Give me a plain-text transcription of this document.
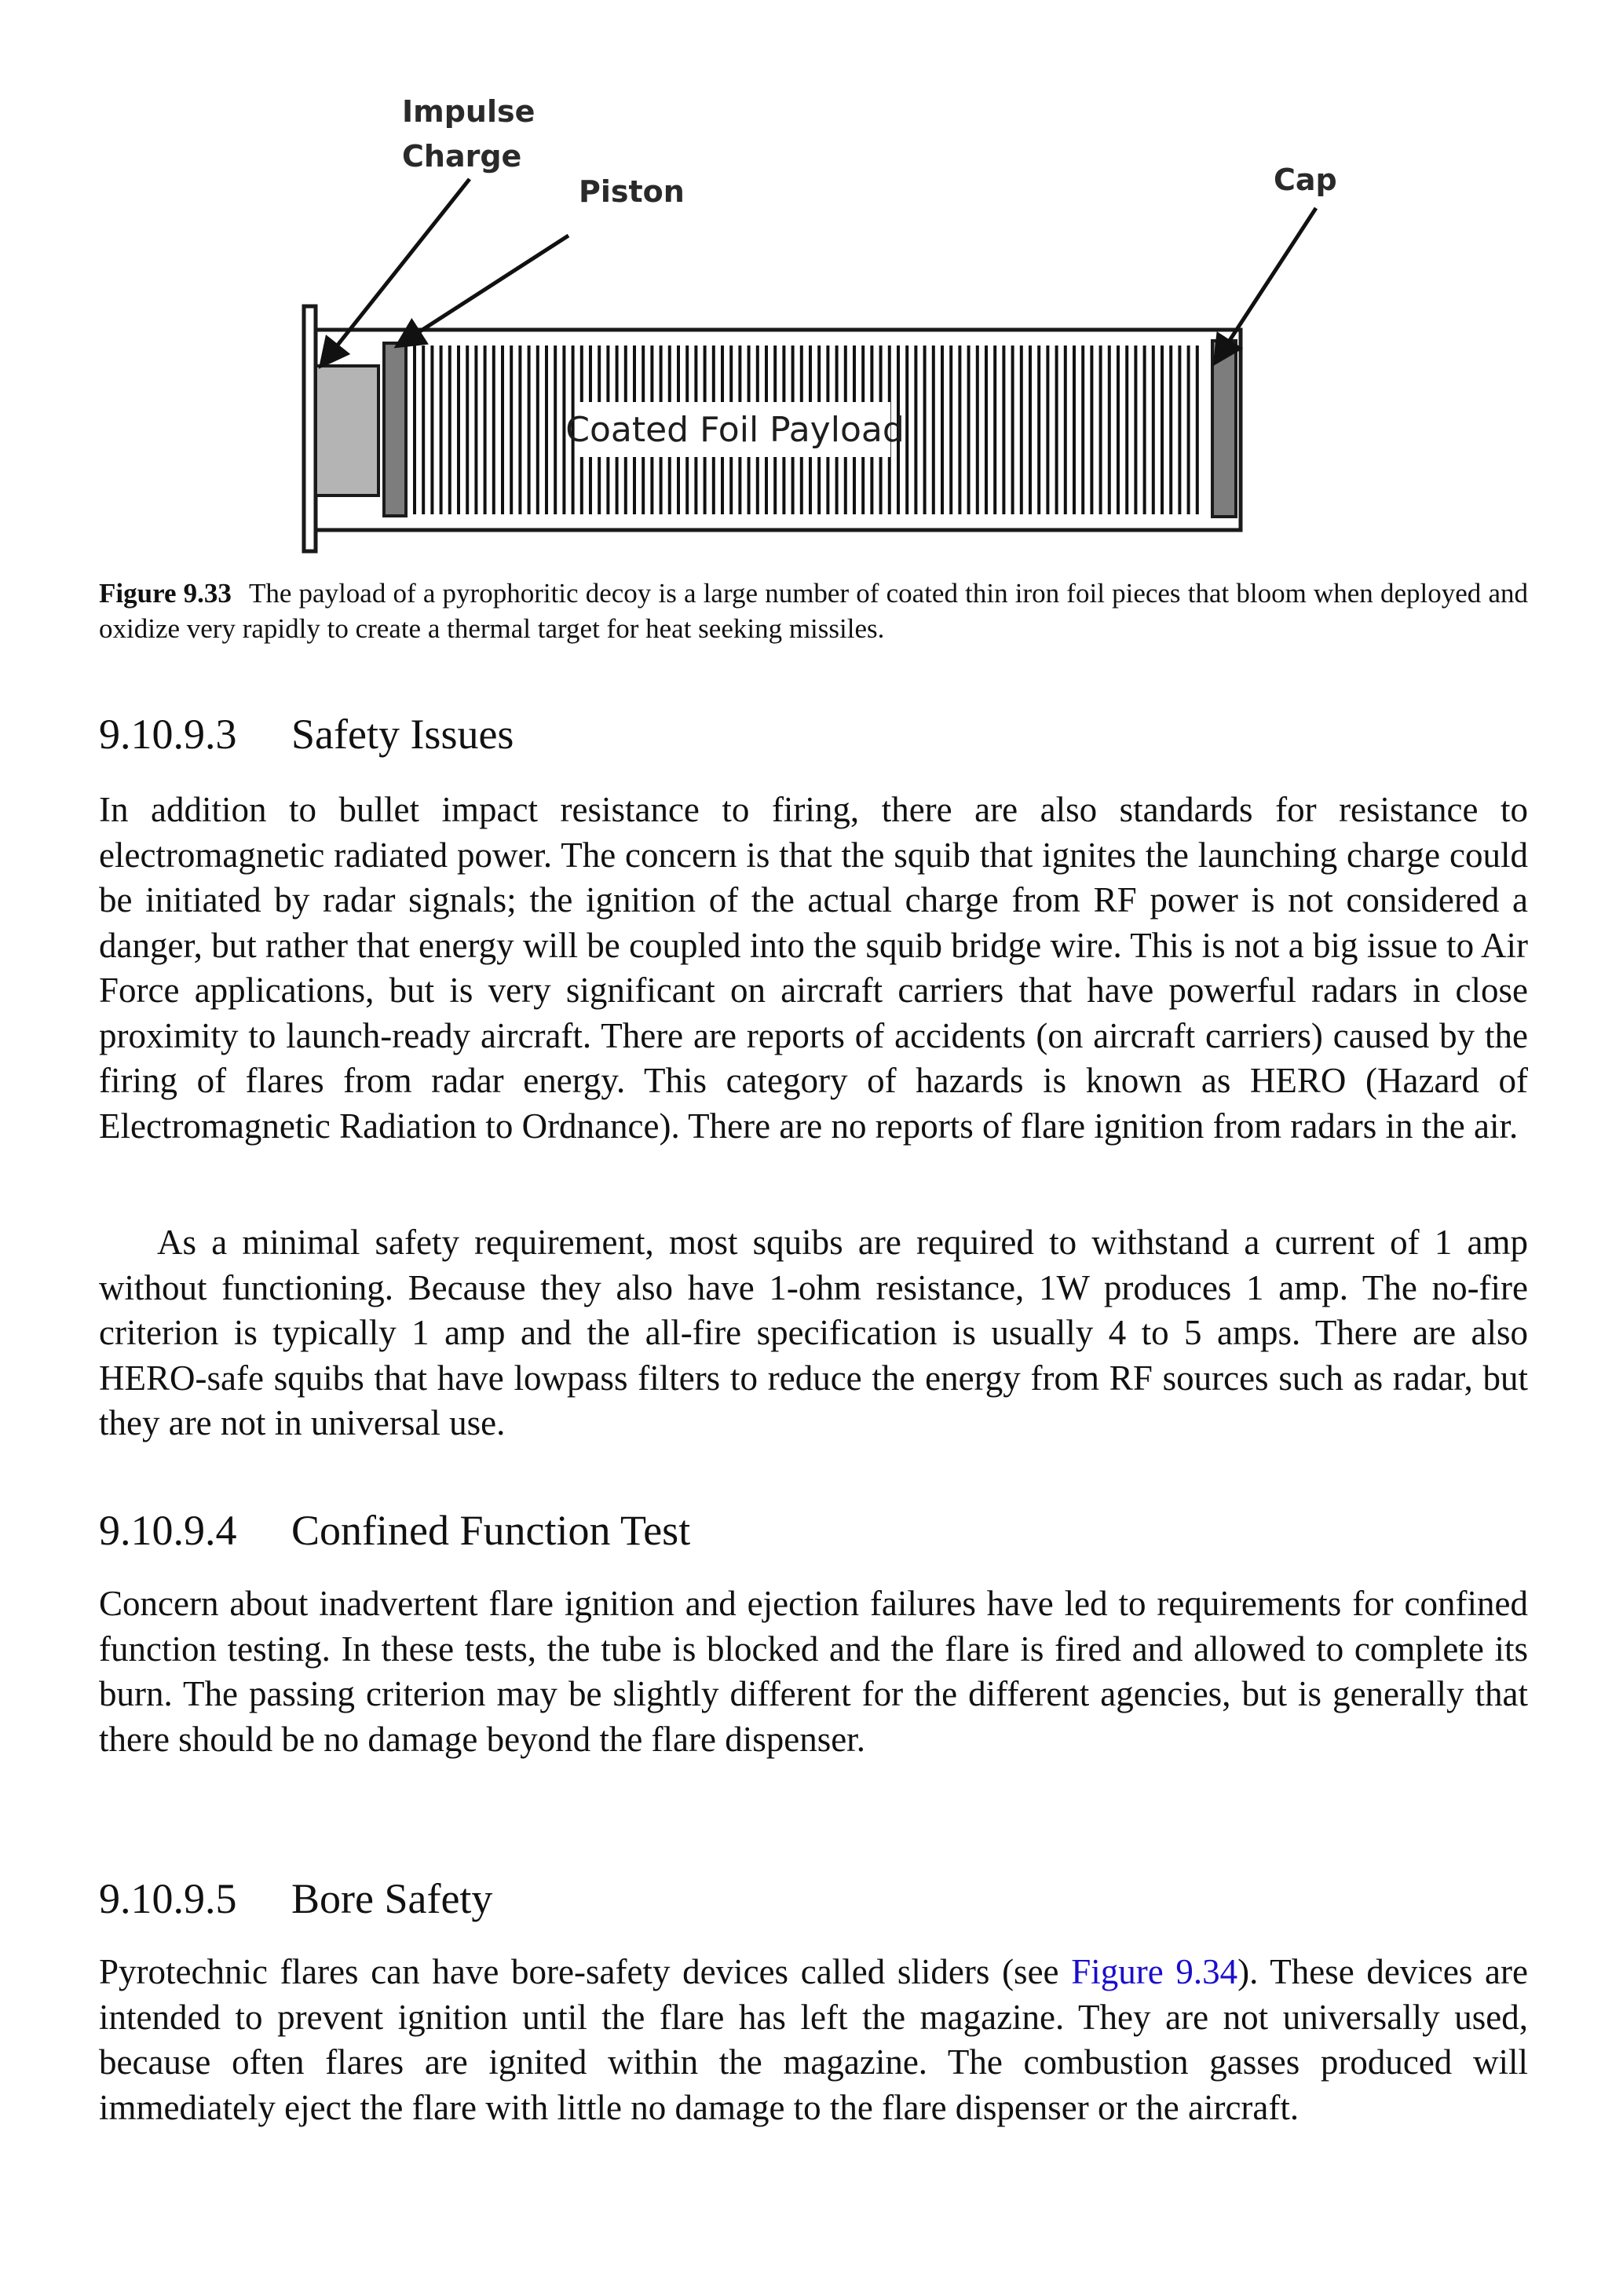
Coated Foil Payload
Impulse
Charge
Piston	Cap
Figure 9.33 The payload of a pyrophoritic decoy is a large number of coated thin iron foil pieces that bloom when deployed and oxidize very rapidly to create a thermal target for heat seeking missiles.
9.10.9.3 Safety Issues

In addition to bullet impact resistance to firing, there are also standards for resistance to electromagnetic radiated power. The concern is that the squib that ignites the launching charge could be initiated by radar signals; the ignition of the actual charge from RF power is not considered a danger, but rather that energy will be coupled into the squib bridge wire. This is not a big issue to Air Force applications, but is very significant on aircraft carriers that have powerful radars in close proximity to launch-ready aircraft. There are reports of accidents (on aircraft carriers) caused by the firing of flares from radar energy. This category of hazards is known as HERO (Hazard of Electromagnetic Radiation to Ordnance). There are no reports of flare ignition from radars in the air.

As a minimal safety requirement, most squibs are required to withstand a current of 1 amp without functioning. Because they also have 1-ohm resistance, 1W produces 1 amp. The no-fire criterion is typically 1 amp and the all-fire specification is usually 4 to 5 amps. There are also HERO-safe squibs that have lowpass filters to reduce the energy from RF sources such as radar, but they are not in universal use.

9.10.9.4 Confined Function Test

Concern about inadvertent flare ignition and ejection failures have led to requirements for confined function testing. In these tests, the tube is blocked and the flare is fired and allowed to complete its burn. The passing criterion may be slightly different for the different agencies, but is generally that there should be no damage beyond the flare dispenser.

9.10.9.5 Bore Safety

Pyrotechnic flares can have bore-safety devices called sliders (see Figure 9.34). These devices are intended to prevent ignition until the flare has left the magazine. They are not universally used, because often flares are ignited within the magazine. The combustion gasses produced will immediately eject the flare with little no damage to the flare dispenser or the aircraft.
